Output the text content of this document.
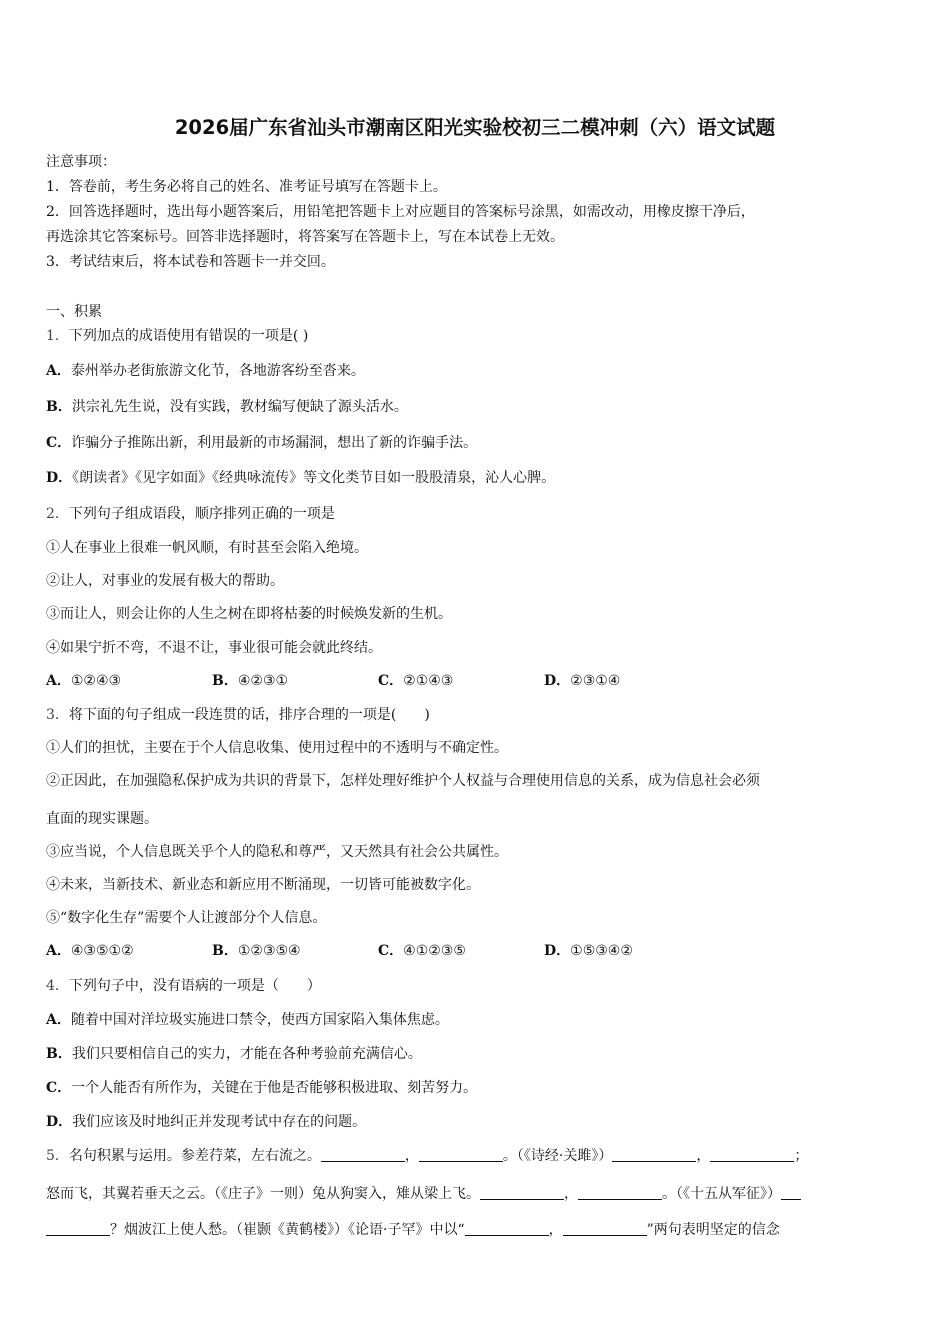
2026届广东省汕头市潮南区阳光实验校初三二模冲刺（六）语文试题
注意事项：
1．答卷前，考生务必将自己的姓名、准考证号填写在答题卡上。
2．回答选择题时，选出每小题答案后，用铅笔把答题卡上对应题目的答案标号涂黑，如需改动，用橡皮擦干净后，
再选涂其它答案标号。回答非选择题时，将答案写在答题卡上，写在本试卷上无效。
3．考试结束后，将本试卷和答题卡一并交回。
一、积累
1．下列加点的成语使用有错误的一项是( )
A．泰州举办老街旅游文化节，各地游客纷至沓来。
B．洪宗礼先生说，没有实践，教材编写便缺了源头活水。
C．诈骗分子推陈出新，利用最新的市场漏洞，想出了新的诈骗手法。
D．《朗读者》《见字如面》《经典咏流传》等文化类节目如一股股清泉，沁人心脾。
2．下列句子组成语段，顺序排列正确的一项是
①人在事业上很难一帆风顺，有时甚至会陷入绝境。
②让人，对事业的发展有极大的帮助。
③而让人，则会让你的人生之树在即将枯萎的时候焕发新的生机。
④如果宁折不弯，不退不让，事业很可能会就此终结。
A．①②④③	B．④②③①	C．②①④③	D．②③①④
3．将下面的句子组成一段连贯的话，排序合理的一项是(　　)
①人们的担忧，主要在于个人信息收集、使用过程中的不透明与不确定性。
②正因此，在加强隐私保护成为共识的背景下，怎样处理好维护个人权益与合理使用信息的关系，成为信息社会必须
直面的现实课题。
③应当说，个人信息既关乎个人的隐私和尊严，又天然具有社会公共属性。
④未来，当新技术、新业态和新应用不断涌现，一切皆可能被数字化。
⑤“数字化生存”需要个人让渡部分个人信息。
A．④③⑤①②	B．①②③⑤④	C．④①②③⑤	D．①⑤③④②
4．下列句子中，没有语病的一项是（　　）
A．随着中国对洋垃圾实施进口禁令，使西方国家陷入集体焦虑。
B．我们只要相信自己的实力，才能在各种考验前充满信心。
C．一个人能否有所作为，关键在于他是否能够积极进取、刻苦努力。
D．我们应该及时地纠正并发现考试中存在的问题。
5．名句积累与运用。参差荇菜，左右流之。	，	。（《诗经·关雎》）	，	；
怒而飞，其翼若垂天之云。（《庄子》一则）兔从狗窦入，雉从梁上飞。	，	。（《十五从军征》）
？烟波江上使人愁。（崔颢《黄鹤楼》）《论语·子罕》中以“	，	”两句表明坚定的信念
